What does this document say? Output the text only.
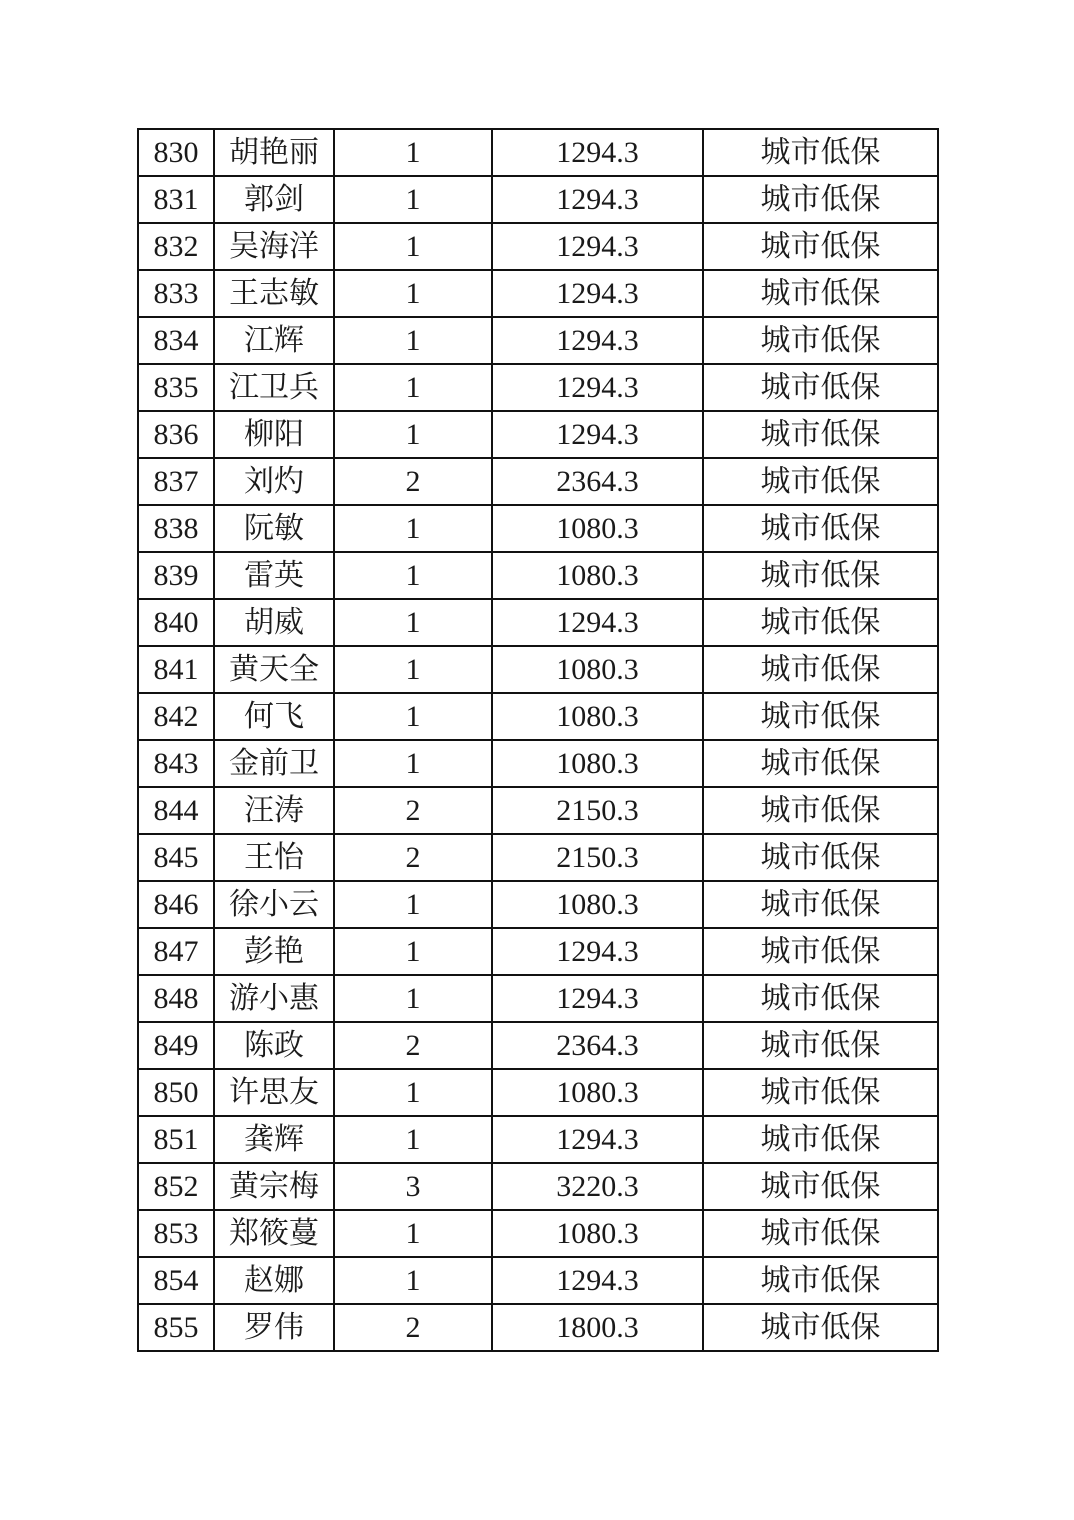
830	胡艳丽	1	1294.3	城市低保
831	郭剑	1	1294.3	城市低保
832	吴海洋	1	1294.3	城市低保
833	王志敏	1	1294.3	城市低保
834	江辉	1	1294.3	城市低保
835	江卫兵	1	1294.3	城市低保
836	柳阳	1	1294.3	城市低保
837	刘灼	2	2364.3	城市低保
838	阮敏	1	1080.3	城市低保
839	雷英	1	1080.3	城市低保
840	胡威	1	1294.3	城市低保
841	黄天全	1	1080.3	城市低保
842	何飞	1	1080.3	城市低保
843	金前卫	1	1080.3	城市低保
844	汪涛	2	2150.3	城市低保
845	王怡	2	2150.3	城市低保
846	徐小云	1	1080.3	城市低保
847	彭艳	1	1294.3	城市低保
848	游小惠	1	1294.3	城市低保
849	陈政	2	2364.3	城市低保
850	许思友	1	1080.3	城市低保
851	龚辉	1	1294.3	城市低保
852	黄宗梅	3	3220.3	城市低保
853	郑筱蔓	1	1080.3	城市低保
854	赵娜	1	1294.3	城市低保
855	罗伟	2	1800.3	城市低保
